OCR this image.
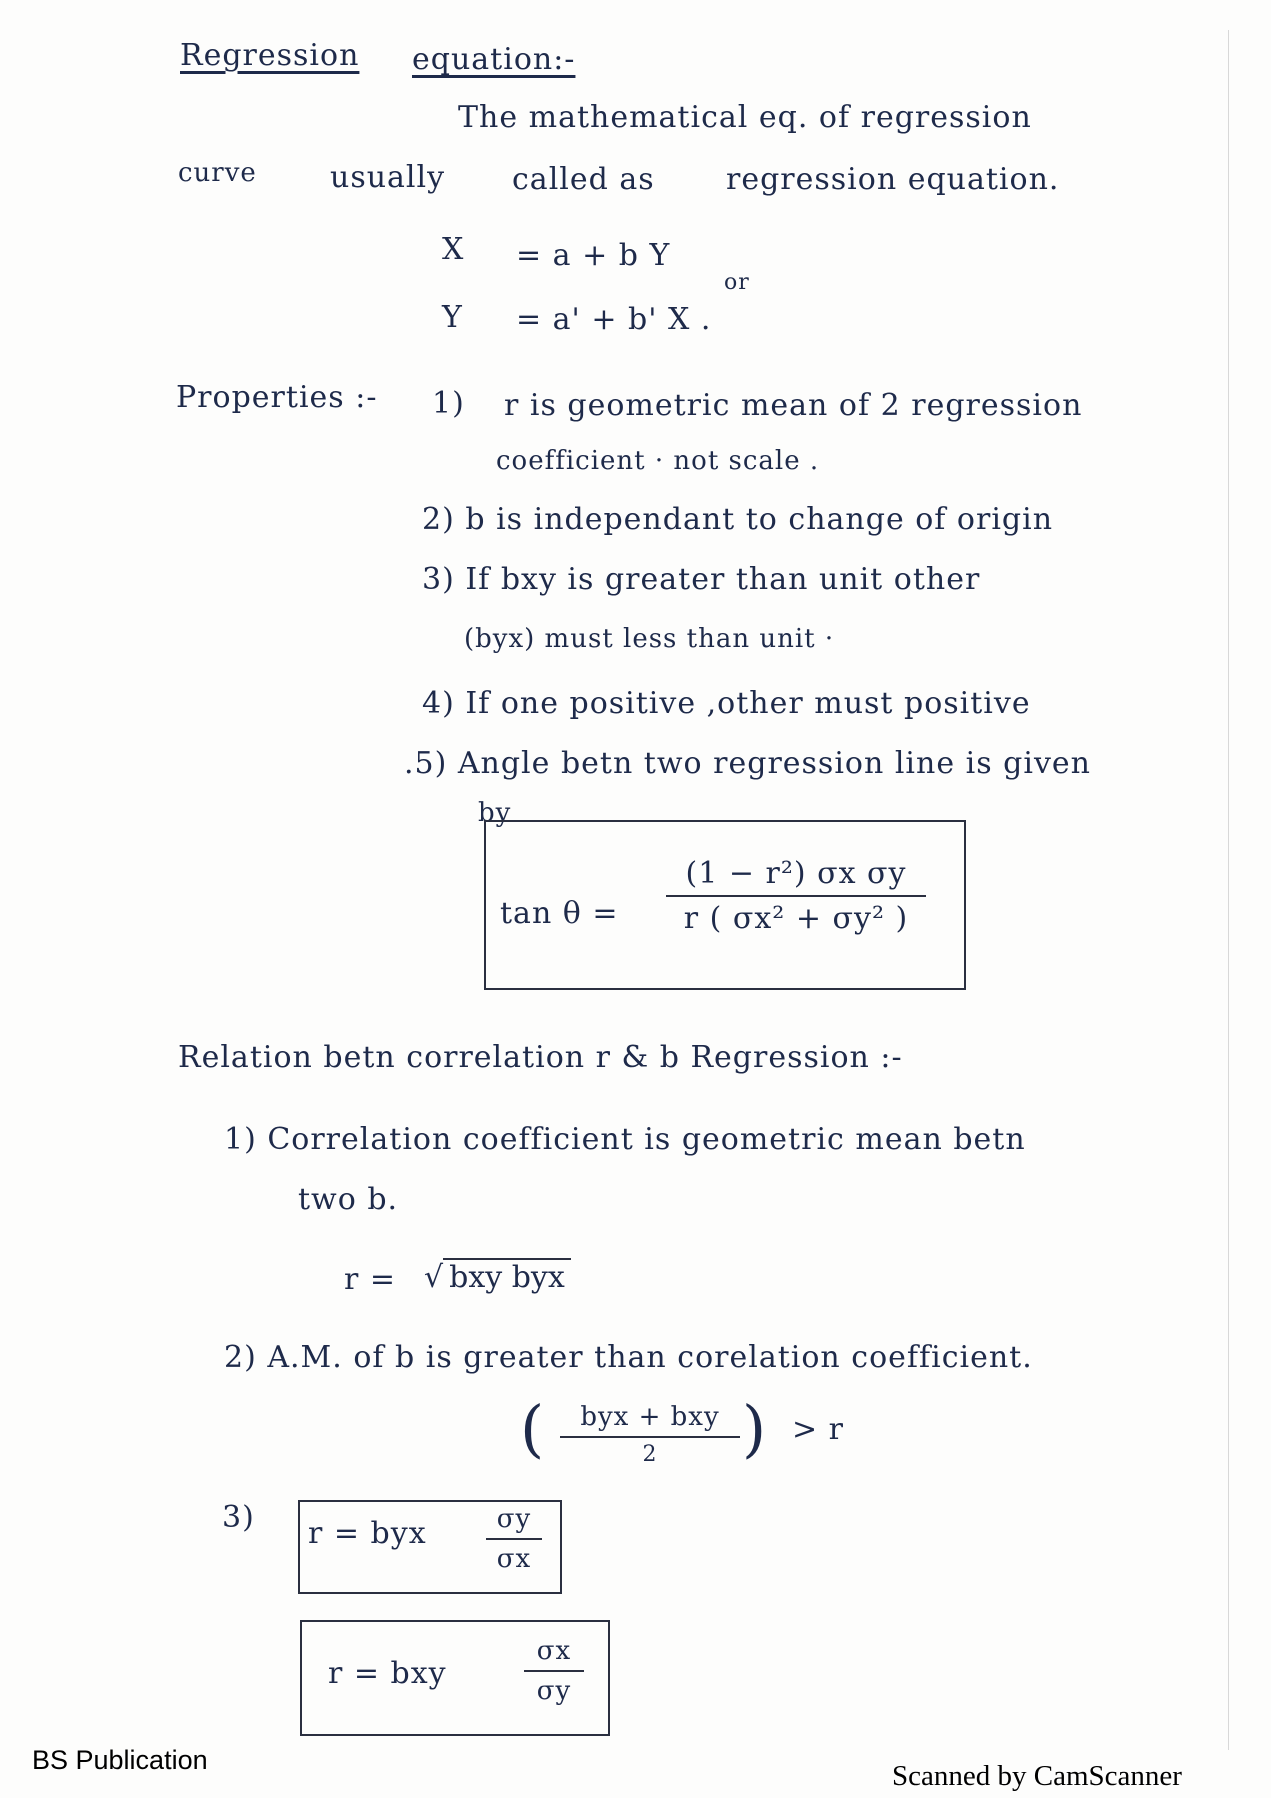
Regression equation:-
The mathematical eq. of regression
curve usually called as regression equation.
X = a + b Y
or
Y = a' + b' X .
Properties :- 1) r is geometric mean of 2 regression
coefficient · not scale .
2) b is independant to change of origin
3) If bxy is greater than unit other
(byx) must less than unit ·
4) If one positive ,other must positive
.5) Angle betn two regression line is given
by
tan θ =
(1 − r²) σx σy
r ( σx² + σy² )
Relation betn correlation r & b Regression :-
1) Correlation coefficient is geometric mean betn
two b.
r = √ bxy byx
2) A.M. of b is greater than corelation coefficient.
(	byx + bxy
2	) > r
3) r = byx	σy
σx
r = bxy
σx
σy
BS Publication	Scanned by CamScanner
